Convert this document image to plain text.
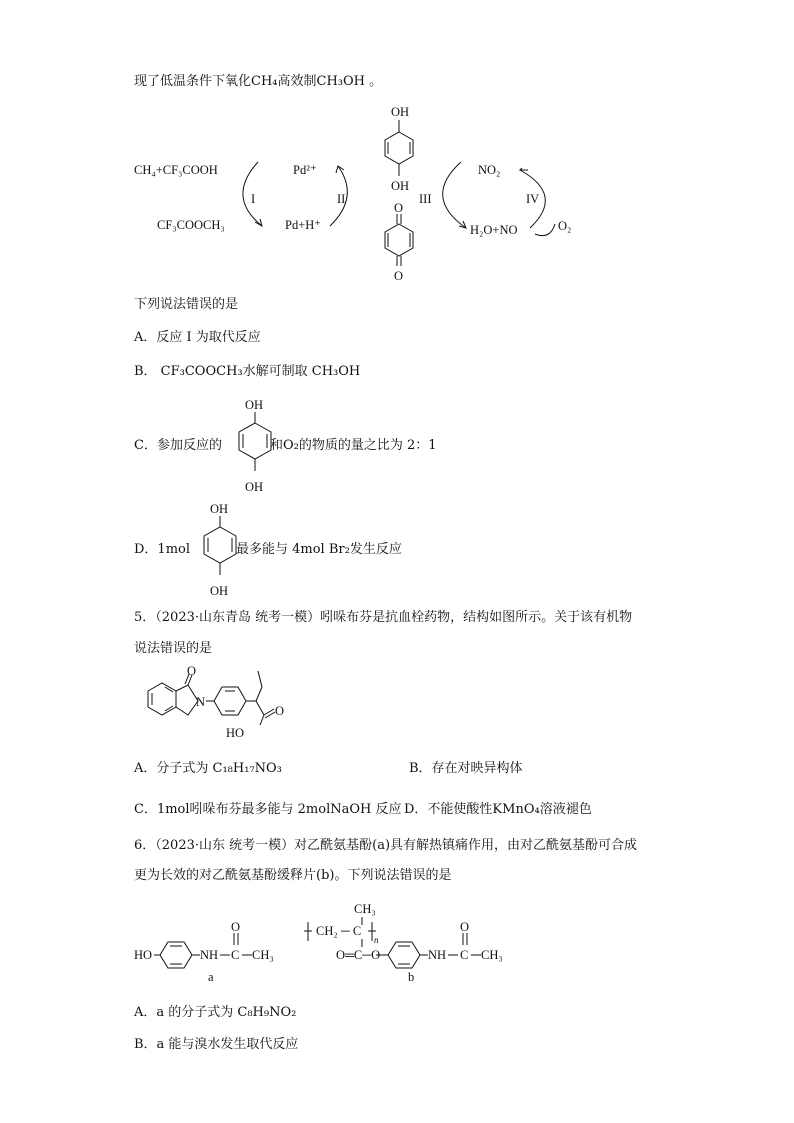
现了低温条件下氧化CH₄高效制CH₃OH 。
CH₄+CF₃COOH
CF₃COOCH₃
Pd²⁺
Pd+H⁺
I	II	III	IV
NO₂
H₂O+NO	O₂
OH
OH
O
O
下列说法错误的是
A．反应 I 为取代反应
B． CF₃COOCH₃水解可制取 CH₃OH
C．参加反应的
OH
OH
和O₂的物质的量之比为 2：1
D．1mol
OH
OH
最多能与 4mol Br₂发生反应
5．（2023·山东青岛 统考一模）吲哚布芬是抗血栓药物，结构如图所示。关于该有机物
说法错误的是
O
N
O
HO
A．分子式为 C₁₈H₁₇NO₃	B．存在对映异构体
C．1mol吲哚布芬最多能与 2molNaOH 反应 D．不能使酸性KMnO₄溶液褪色
6．（2023·山东 统考一模）对乙酰氨基酚(a)具有解热镇痛作用，由对乙酰氨基酚可合成
更为长效的对乙酰氨基酚缓释片(b)。下列说法错误的是
HO	NH C
O
CH₃
a
CH₃
CH₂ ─ C
n
O═C─O	NH C
O
CH₃
b
A．a 的分子式为 C₈H₉NO₂
B．a 能与溴水发生取代反应
